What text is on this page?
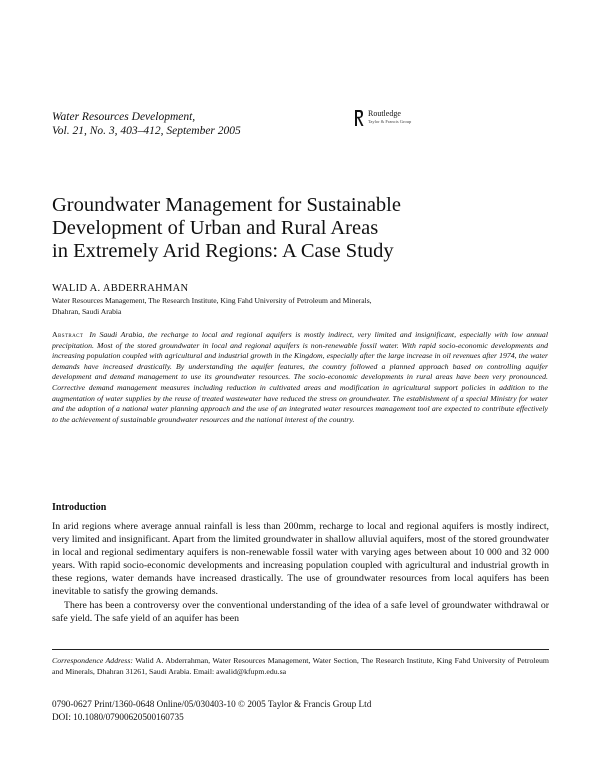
Water Resources Development,
Vol. 21, No. 3, 403–412, September 2005
Routledge
Taylor & Francis Group
Groundwater Management for Sustainable
Development of Urban and Rural Areas
in Extremely Arid Regions: A Case Study
WALID A. ABDERRAHMAN
Water Resources Management, The Research Institute, King Fahd University of Petroleum and Minerals,
Dhahran, Saudi Arabia
Abstract In Saudi Arabia, the recharge to local and regional aquifers is mostly indirect, very limited and insignificant, especially with low annual precipitation. Most of the stored groundwater in local and regional aquifers is non-renewable fossil water. With rapid socio-economic developments and increasing population coupled with agricultural and industrial growth in the Kingdom, especially after the large increase in oil revenues after 1974, the water demands have increased drastically. By understanding the aquifer features, the country followed a planned approach based on controlling aquifer development and demand management to use its groundwater resources. The socio-economic developments in rural areas have been very pronounced. Corrective demand management measures including reduction in cultivated areas and modification in agricultural support policies in addition to the augmentation of water supplies by the reuse of treated wastewater have reduced the stress on groundwater. The establishment of a special Ministry for water and the adoption of a national water planning approach and the use of an integrated water resources management tool are expected to contribute effectively to the achievement of sustainable groundwater resources and the national interest of the country.
Introduction

In arid regions where average annual rainfall is less than 200mm, recharge to local and regional aquifers is mostly indirect, very limited and insignificant. Apart from the limited groundwater in shallow alluvial aquifers, most of the stored groundwater in local and regional sedimentary aquifers is non-renewable fossil water with varying ages between about 10 000 and 32 000 years. With rapid socio-economic developments and increasing population coupled with agricultural and industrial growth in these regions, water demands have increased drastically. The use of groundwater resources from local aquifers has been inevitable to satisfy the growing demands.

There has been a controversy over the conventional understanding of the idea of a safe level of groundwater withdrawal or safe yield. The safe yield of an aquifer has been

Correspondence Address: Walid A. Abderrahman, Water Resources Management, Water Section, The Research Institute, King Fahd University of Petroleum and Minerals, Dhahran 31261, Saudi Arabia. Email: awalid@kfupm.edu.sa
0790-0627 Print/1360-0648 Online/05/030403-10 © 2005 Taylor & Francis Group Ltd
DOI: 10.1080/07900620500160735
